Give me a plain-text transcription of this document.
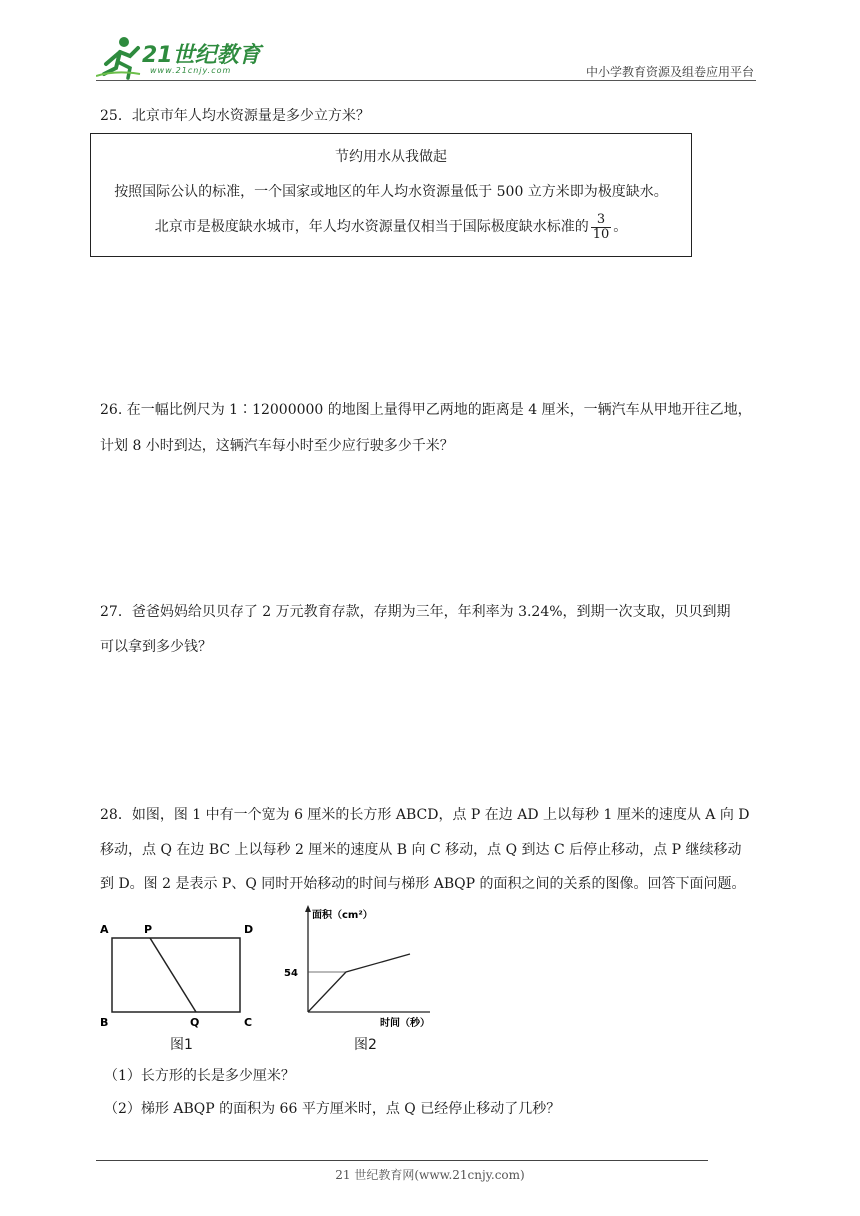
21世纪教育
www.21cnjy.com	中小学教育资源及组卷应用平台
25．北京市年人均水资源量是多少立方米？
节约用水从我做起
按照国际公认的标准，一个国家或地区的年人均水资源量低于 500 立方米即为极度缺水。
北京市是极度缺水城市，年人均水资源量仅相当于国际极度缺水标准的 $\frac{3}{10}$ 。
26. 在一幅比例尺为 1∶12000000 的地图上量得甲乙两地的距离是 4 厘米，一辆汽车从甲地开往乙地，
计划 8 小时到达，这辆汽车每小时至少应行驶多少千米？
27．爸爸妈妈给贝贝存了 2 万元教育存款，存期为三年，年利率为 3.24%，到期一次支取，贝贝到期
可以拿到多少钱？
28．如图，图 1 中有一个宽为 6 厘米的长方形 ABCD，点 P 在边 AD 上以每秒 1 厘米的速度从 A 向 D
移动，点 Q 在边 BC 上以每秒 2 厘米的速度从 B 向 C 移动，点 Q 到达 C 后停止移动，点 P 继续移动
到 D。图 2 是表示 P、Q 同时开始移动的时间与梯形 ABQP 的面积之间的关系的图像。回答下面问题。
A	P	D
B	Q	C
图1
面积（cm²）
54
时间（秒）
图2
（1）长方形的长是多少厘米？
（2）梯形 ABQP 的面积为 66 平方厘米时，点 Q 已经停止移动了几秒？
21 世纪教育网(www.21cnjy.com)
